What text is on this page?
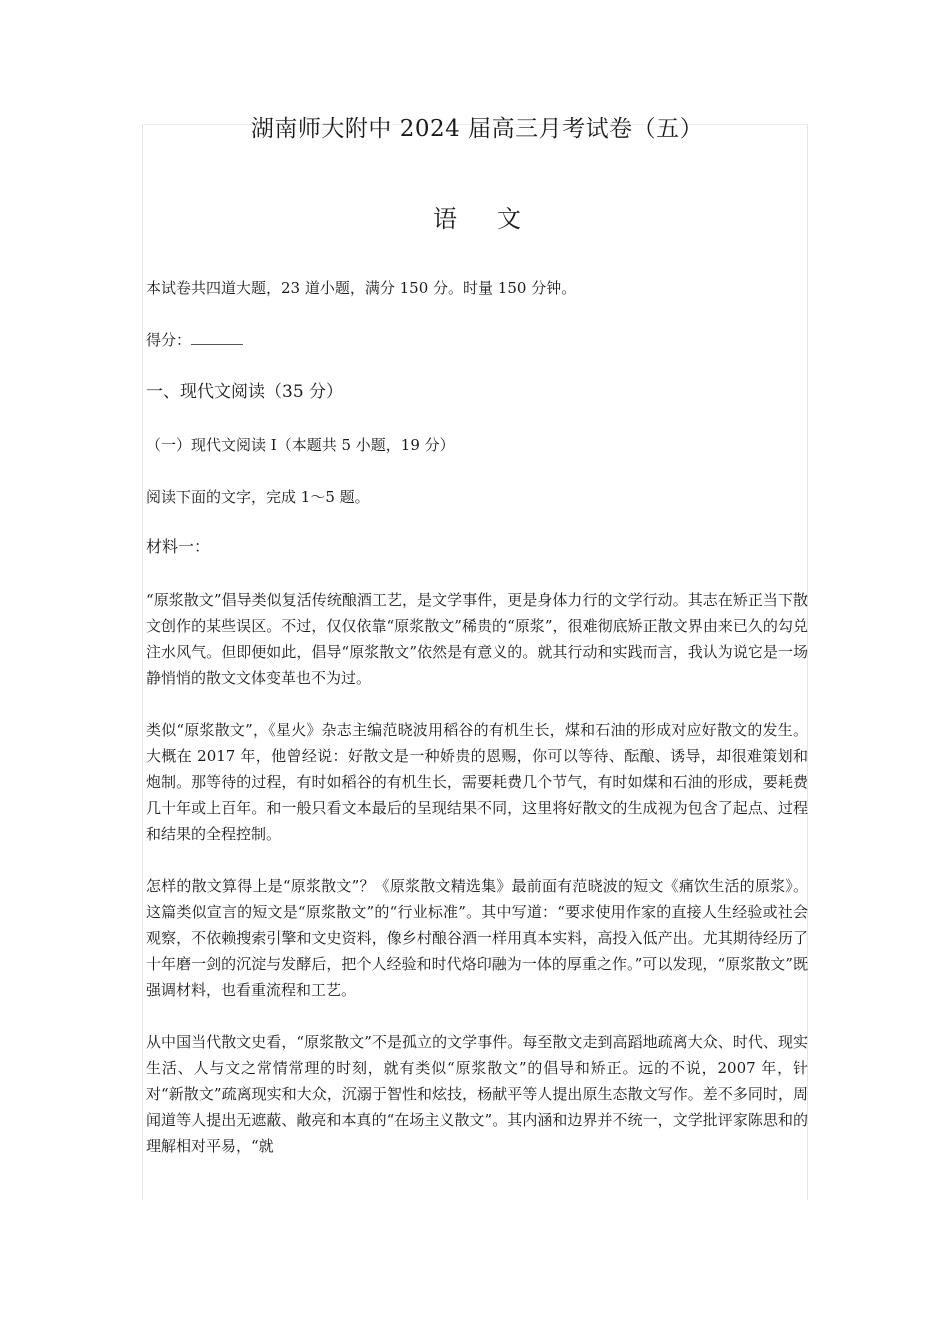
湖南师大附中 2024 届高三月考试卷（五）
语文

本试卷共四道大题，23 道小题，满分 150 分。时量 150 分钟。

得分：

一、现代文阅读（35 分）

（一）现代文阅读 I（本题共 5 小题，19 分）

阅读下面的文字，完成 1～5 题。

材料一：

“原浆散文”倡导类似复活传统酿酒工艺，是文学事件，更是身体力行的文学行动。其志在矫正当下散文创作的某些误区。不过，仅仅依靠“原浆散文”稀贵的“原浆”，很难彻底矫正散文界由来已久的勾兑注水风气。但即便如此，倡导“原浆散文”依然是有意义的。就其行动和实践而言，我认为说它是一场静悄悄的散文文体变革也不为过。

类似“原浆散文”，《星火》杂志主编范晓波用稻谷的有机生长，煤和石油的形成对应好散文的发生。大概在 2017 年，他曾经说：好散文是一种娇贵的恩赐，你可以等待、酝酿、诱导，却很难策划和炮制。那等待的过程，有时如稻谷的有机生长，需要耗费几个节气，有时如煤和石油的形成，要耗费几十年或上百年。和一般只看文本最后的呈现结果不同，这里将好散文的生成视为包含了起点、过程和结果的全程控制。

怎样的散文算得上是“原浆散文”？《原浆散文精选集》最前面有范晓波的短文《痛饮生活的原浆》。这篇类似宣言的短文是“原浆散文”的“行业标准”。其中写道：“要求使用作家的直接人生经验或社会观察，不依赖搜索引擎和文史资料，像乡村酿谷酒一样用真本实料，高投入低产出。尤其期待经历了十年磨一剑的沉淀与发酵后，把个人经验和时代烙印融为一体的厚重之作。”可以发现，“原浆散文”既强调材料，也看重流程和工艺。

从中国当代散文史看，“原浆散文”不是孤立的文学事件。每至散文走到高蹈地疏离大众、时代、现实生活、人与文之常情常理的时刻，就有类似“原浆散文”的倡导和矫正。远的不说，2007 年，针对“新散文”疏离现实和大众，沉溺于智性和炫技，杨献平等人提出原生态散文写作。差不多同时，周闻道等人提出无遮蔽、敞亮和本真的“在场主义散文”。其内涵和边界并不统一，文学批评家陈思和的理解相对平易，“就
